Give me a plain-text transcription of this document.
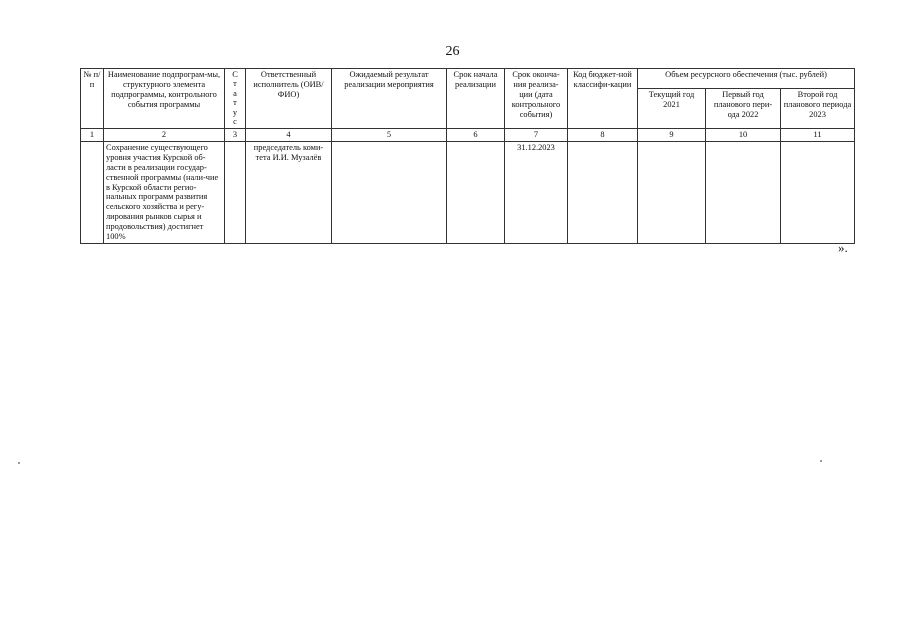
26
№ п/п	Наименование подпрограм-мы, структурного элемента подпрограммы, контрольного события программы	Статус	Ответственный исполнитель (ОИВ/ФИО)	Ожидаемый результат реализации мероприятия	Срок начала реализации	Срок оконча-ния реализа-ции (дата контрольного события)	Код бюджет-ной классифи-кации	Объем ресурсного обеспечения (тыс. рублей)		
								Текущий год 2021	Первый год планового пери-ода 2022	Второй год планового периода 2023
1	2	3	4	5	6	7	8	9	10	11
	Сохранение существующего уровня участия Курской об-ласти в реализации государ-ственной программы (нали-чие в Курской области регио-нальных программ развития сельского хозяйства и регу-лирования рынков сырья и продовольствия) достигнет 100%		председатель коми-тета И.И. Музалёв			31.12.2023				
».
